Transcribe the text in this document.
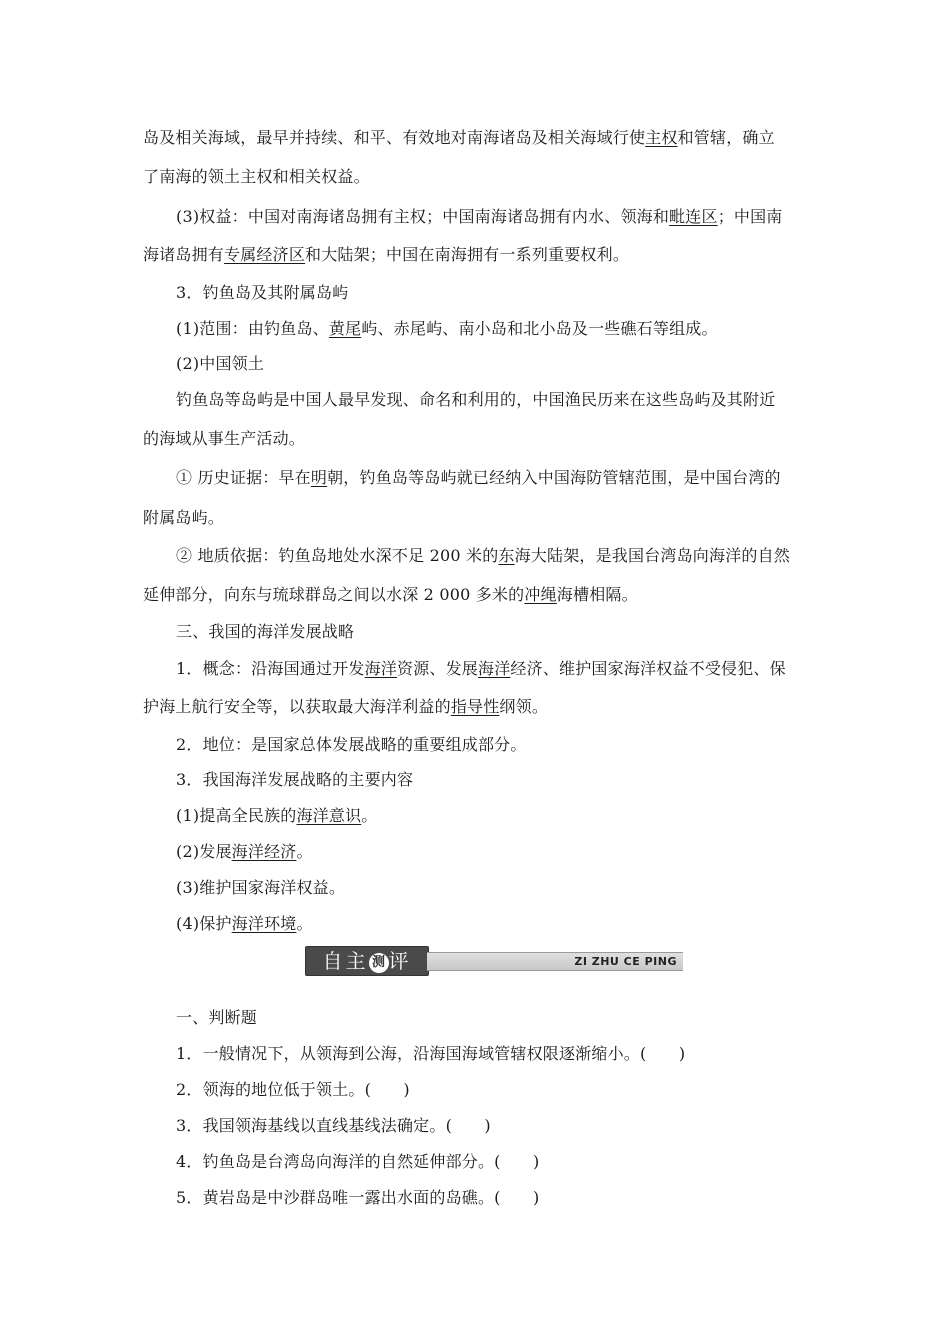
岛及相关海域，最早并持续、和平、有效地对南海诸岛及相关海域行使主权和管辖，确立
了南海的领土主权和相关权益。
(3)权益：中国对南海诸岛拥有主权；中国南海诸岛拥有内水、领海和毗连区；中国南
海诸岛拥有专属经济区和大陆架；中国在南海拥有一系列重要权利。
3．钓鱼岛及其附属岛屿
(1)范围：由钓鱼岛、黄尾屿、赤尾屿、南小岛和北小岛及一些礁石等组成。
(2)中国领土
钓鱼岛等岛屿是中国人最早发现、命名和利用的，中国渔民历来在这些岛屿及其附近
的海域从事生产活动。
① 历史证据：早在明朝，钓鱼岛等岛屿就已经纳入中国海防管辖范围，是中国台湾的
附属岛屿。
② 地质依据：钓鱼岛地处水深不足 200 米的东海大陆架，是我国台湾岛向海洋的自然
延伸部分，向东与琉球群岛之间以水深 2 000 多米的冲绳海槽相隔。
三、我国的海洋发展战略
1．概念：沿海国通过开发海洋资源、发展海洋经济、维护国家海洋权益不受侵犯、保
护海上航行安全等，以获取最大海洋利益的指导性纲领。
2．地位：是国家总体发展战略的重要组成部分。
3．我国海洋发展战略的主要内容
(1)提高全民族的海洋意识。
(2)发展海洋经济。
(3)维护国家海洋权益。
(4)保护海洋环境。
自主 测 评	ZI ZHU CE PING
一、判断题
1．一般情况下，从领海到公海，沿海国海域管辖权限逐渐缩小。(　　)
2．领海的地位低于领土。(　　)
3．我国领海基线以直线基线法确定。(　　)
4．钓鱼岛是台湾岛向海洋的自然延伸部分。(　　)
5．黄岩岛是中沙群岛唯一露出水面的岛礁。(　　)
